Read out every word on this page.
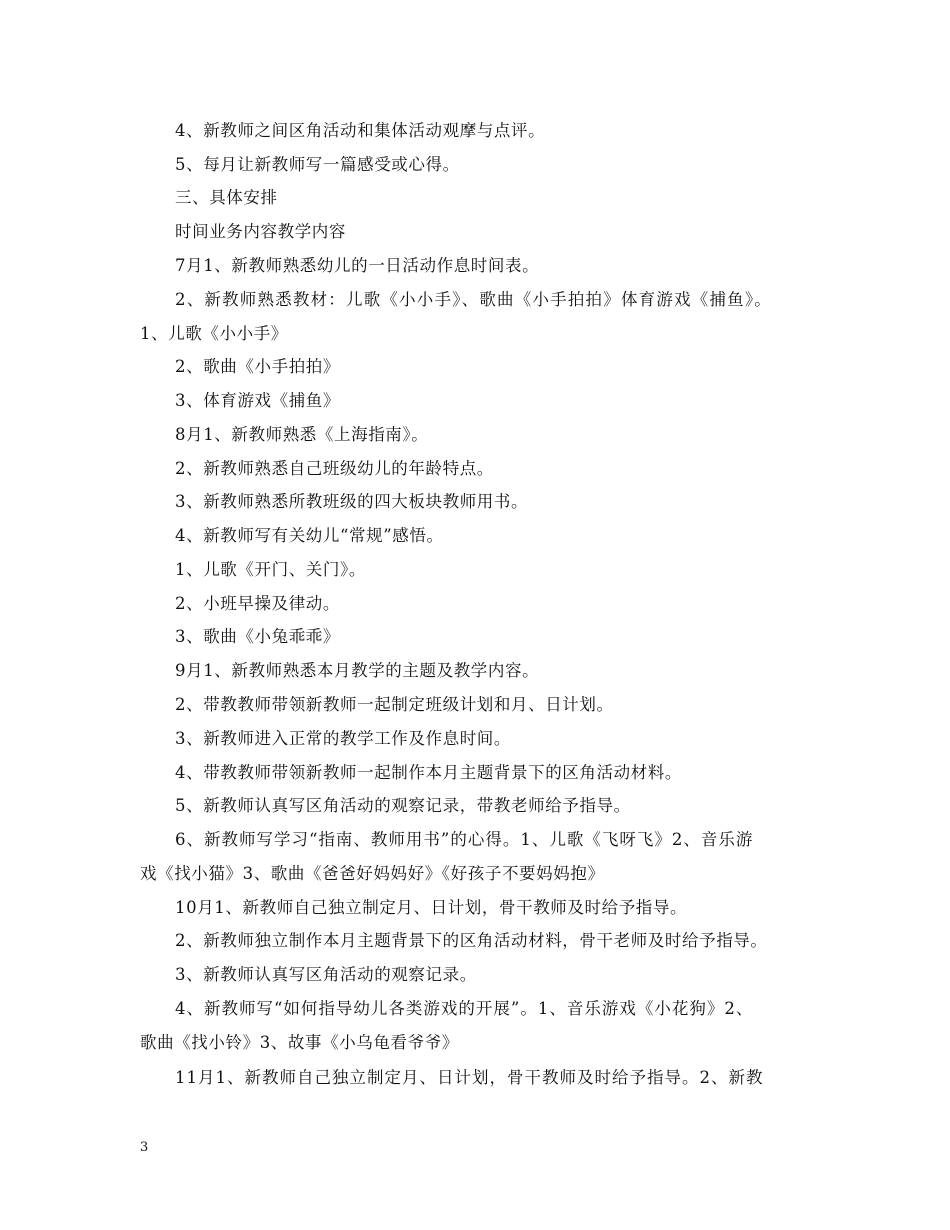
4、新教师之间区角活动和集体活动观摩与点评。
5、每月让新教师写一篇感受或心得。
三、具体安排
时间业务内容教学内容
7月1、新教师熟悉幼儿的一日活动作息时间表。
2、新教师熟悉教材：儿歌《小小手》、歌曲《小手拍拍》体育游戏《捕鱼》。
1、儿歌《小小手》
2、歌曲《小手拍拍》
3、体育游戏《捕鱼》
8月1、新教师熟悉《上海指南》。
2、新教师熟悉自己班级幼儿的年龄特点。
3、新教师熟悉所教班级的四大板块教师用书。
4、新教师写有关幼儿“常规”感悟。
1、儿歌《开门、关门》。
2、小班早操及律动。
3、歌曲《小兔乖乖》
9月1、新教师熟悉本月教学的主题及教学内容。
2、带教教师带领新教师一起制定班级计划和月、日计划。
3、新教师进入正常的教学工作及作息时间。
4、带教教师带领新教师一起制作本月主题背景下的区角活动材料。
5、新教师认真写区角活动的观察记录，带教老师给予指导。
6、新教师写学习“指南、教师用书”的心得。1、儿歌《飞呀飞》2、音乐游
戏《找小猫》3、歌曲《爸爸好妈妈好》《好孩子不要妈妈抱》
10月1、新教师自己独立制定月、日计划，骨干教师及时给予指导。
2、新教师独立制作本月主题背景下的区角活动材料，骨干老师及时给予指导。
3、新教师认真写区角活动的观察记录。
4、新教师写“如何指导幼儿各类游戏的开展”。1、音乐游戏《小花狗》2、
歌曲《找小铃》3、故事《小乌龟看爷爷》
11月1、新教师自己独立制定月、日计划，骨干教师及时给予指导。2、新教
3
